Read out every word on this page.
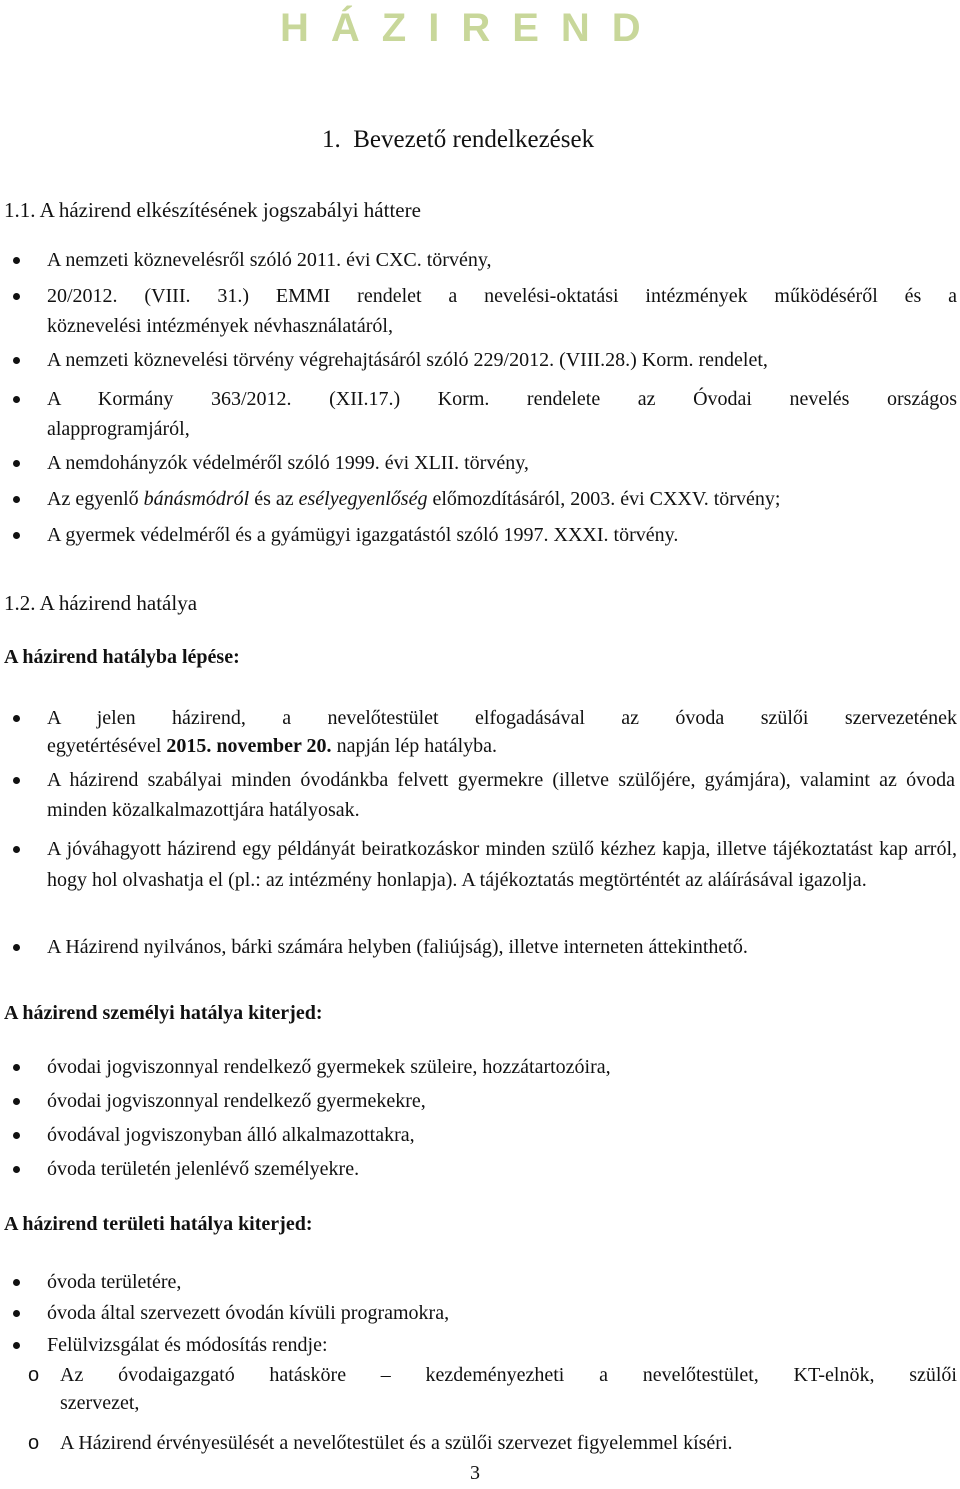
HÁZIREND
1. Bevezető rendelkezések
1.1. A házirend elkészítésének jogszabályi háttere
A nemzeti köznevelésről szóló 2011. évi CXC. törvény,
20/2012. (VIII. 31.) EMMI rendelet a nevelési-oktatási intézmények működéséről és a
köznevelési intézmények névhasználatáról,
A nemzeti köznevelési törvény végrehajtásáról szóló 229/2012. (VIII.28.) Korm. rendelet,
A Kormány 363/2012. (XII.17.) Korm. rendelete az Óvodai nevelés országos
alapprogramjáról,
A nemdohányzók védelméről szóló 1999. évi XLII. törvény,
Az egyenlő bánásmódról és az esélyegyenlőség előmozdításáról, 2003. évi CXXV. törvény;
A gyermek védelméről és a gyámügyi igazgatástól szóló 1997. XXXI. törvény.
1.2. A házirend hatálya
A házirend hatályba lépése:
A jelen házirend, a nevelőtestület elfogadásával az óvoda szülői szervezetének
egyetértésével 2015. november 20. napján lép hatályba.
A házirend szabályai minden óvodánkba felvett gyermekre (illetve szülőjére, gyámjára), valamint az óvoda minden közalkalmazottjára hatályosak.
A jóváhagyott házirend egy példányát beiratkozáskor minden szülő kézhez kapja, illetve tájékoztatást kap arról, hogy hol olvashatja el (pl.: az intézmény honlapja). A tájékoztatás megtörténtét az aláírásával igazolja.
A Házirend nyilvános, bárki számára helyben (faliújság), illetve interneten áttekinthető.
A házirend személyi hatálya kiterjed:
óvodai jogviszonnyal rendelkező gyermekek szüleire, hozzátartozóira,
óvodai jogviszonnyal rendelkező gyermekekre,
óvodával jogviszonyban álló alkalmazottakra,
óvoda területén jelenlévő személyekre.
A házirend területi hatálya kiterjed:
óvoda területére,
óvoda által szervezett óvodán kívüli programokra,
Felülvizsgálat és módosítás rendje:
o Az óvodaigazgató hatásköre – kezdeményezheti a nevelőtestület, KT-elnök, szülői
szervezet,
o A Házirend érvényesülését a nevelőtestület és a szülői szervezet figyelemmel kíséri.
3
